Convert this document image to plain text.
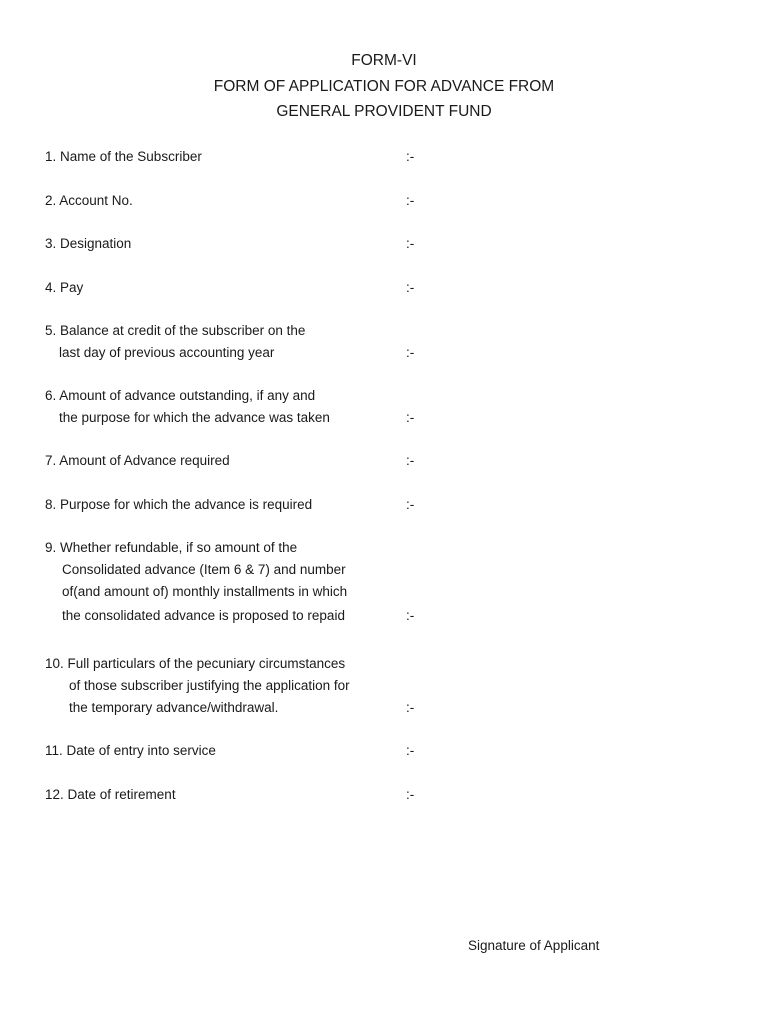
FORM-VI
FORM OF APPLICATION FOR ADVANCE FROM
GENERAL PROVIDENT FUND
1. Name of the Subscriber	:-
2. Account No.	:-
3. Designation	:-
4. Pay	:-
5. Balance at credit of the subscriber on the
last day of previous accounting year	:-
6. Amount of advance outstanding, if any and
the purpose for which the advance was taken	:-
7. Amount of Advance required	:-
8. Purpose for which the advance is required	:-
9. Whether refundable, if so amount of the
Consolidated advance (Item 6 & 7) and number
of(and amount of) monthly installments in which
the consolidated advance is proposed to repaid	:-
10. Full particulars of the pecuniary circumstances
of those subscriber justifying the application for
the temporary advance/withdrawal.	:-
11. Date of entry into service	:-
12. Date of retirement	:-
Signature of Applicant
